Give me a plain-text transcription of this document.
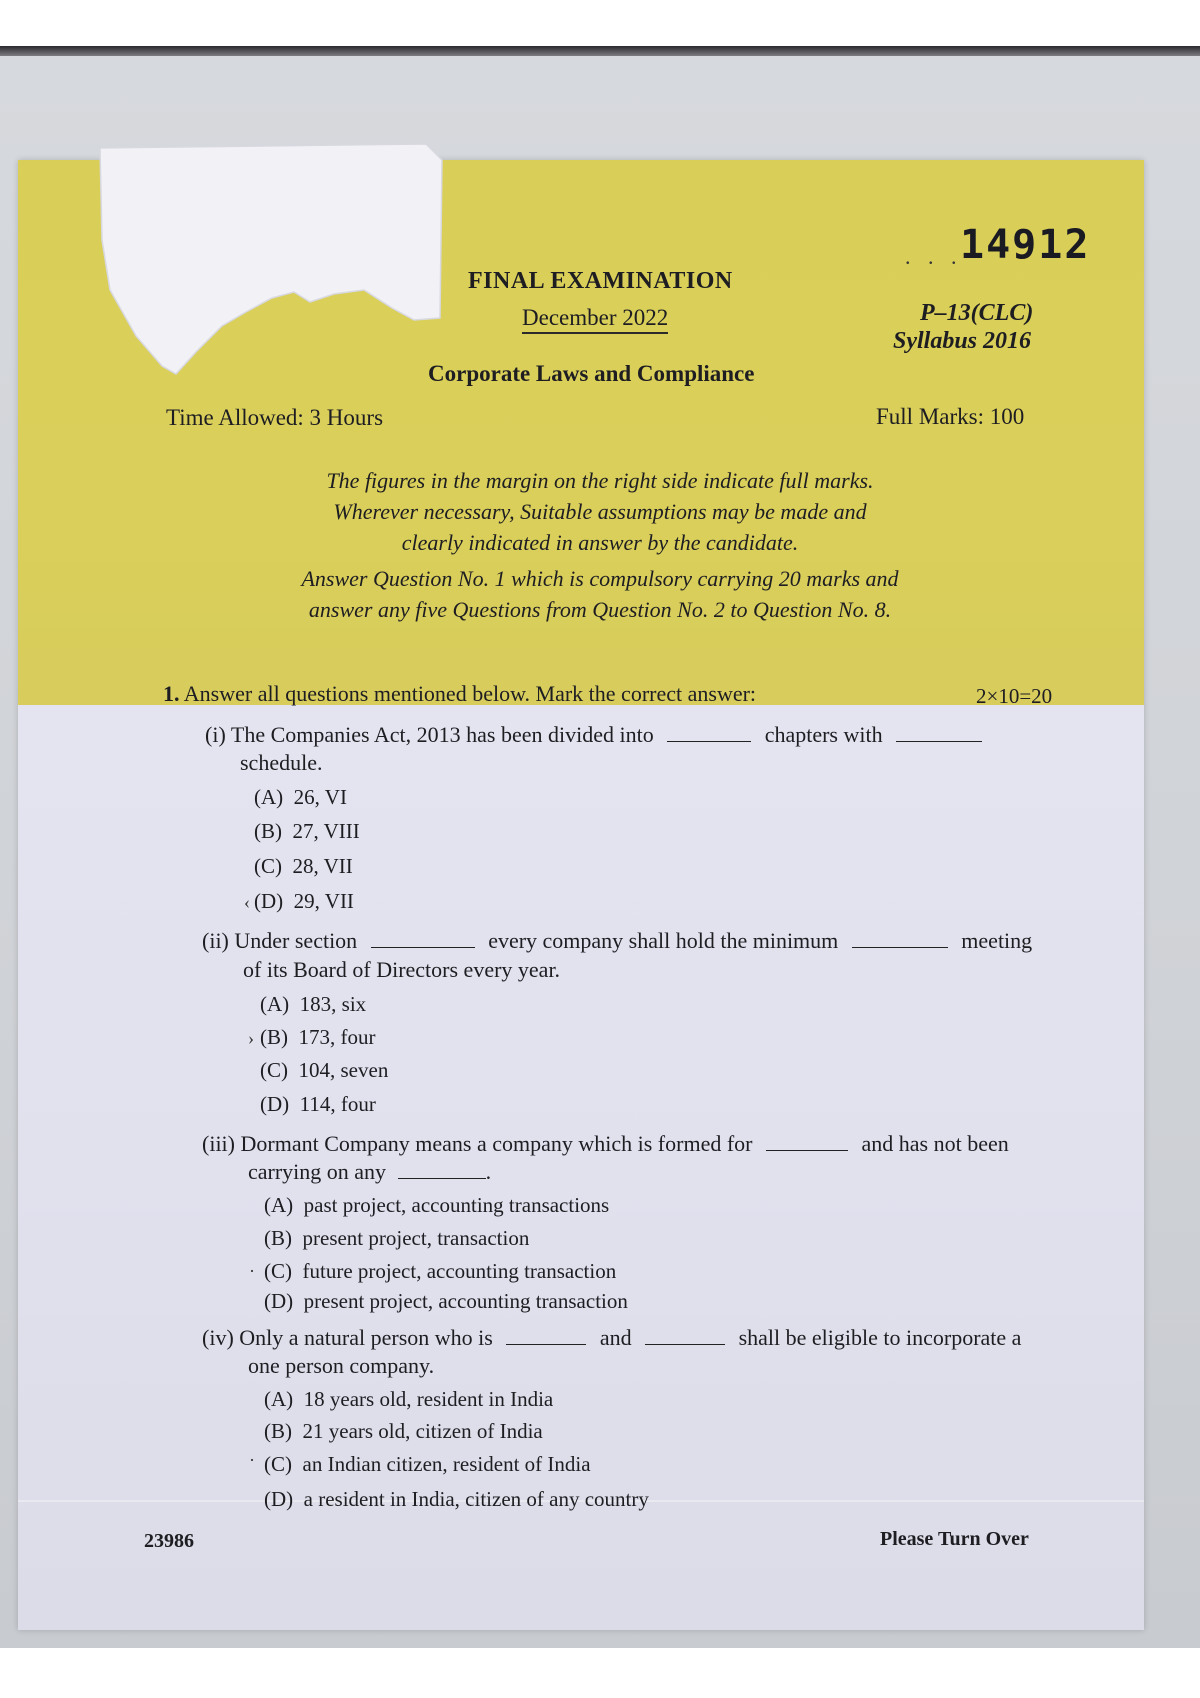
. . .
14912
FINAL EXAMINATION
December 2022	P–13(CLC)
Syllabus 2016
Corporate Laws and Compliance
Time Allowed: 3 Hours	Full Marks: 100
The figures in the margin on the right side indicate full marks.
Wherever necessary, Suitable assumptions may be made and
clearly indicated in answer by the candidate.
Answer Question No. 1 which is compulsory carrying 20 marks and
answer any five Questions from Question No. 2 to Question No. 8.
1. Answer all questions mentioned below. Mark the correct answer:	2×10=20
(i) The Companies Act, 2013 has been divided into	chapters with
schedule.
(A) 26, VI
(B) 27, VIII
(C) 28, VII
(D) 29, VII
‹
(ii) Under section	every company shall hold the minimum	meeting
of its Board of Directors every year.
(A) 183, six
(B) 173, four
(C) 104, seven
(D) 114, four
›
(iii) Dormant Company means a company which is formed for	and has not been
carrying on any	.
(A) past project, accounting transactions
(B) present project, transaction
(C) future project, accounting transaction
(D) present project, accounting transaction
·
(iv) Only a natural person who is	and	shall be eligible to incorporate a
one person company.
(A) 18 years old, resident in India
(B) 21 years old, citizen of India
(C) an Indian citizen, resident of India
(D) a resident in India, citizen of any country
·
23986	Please Turn Over
